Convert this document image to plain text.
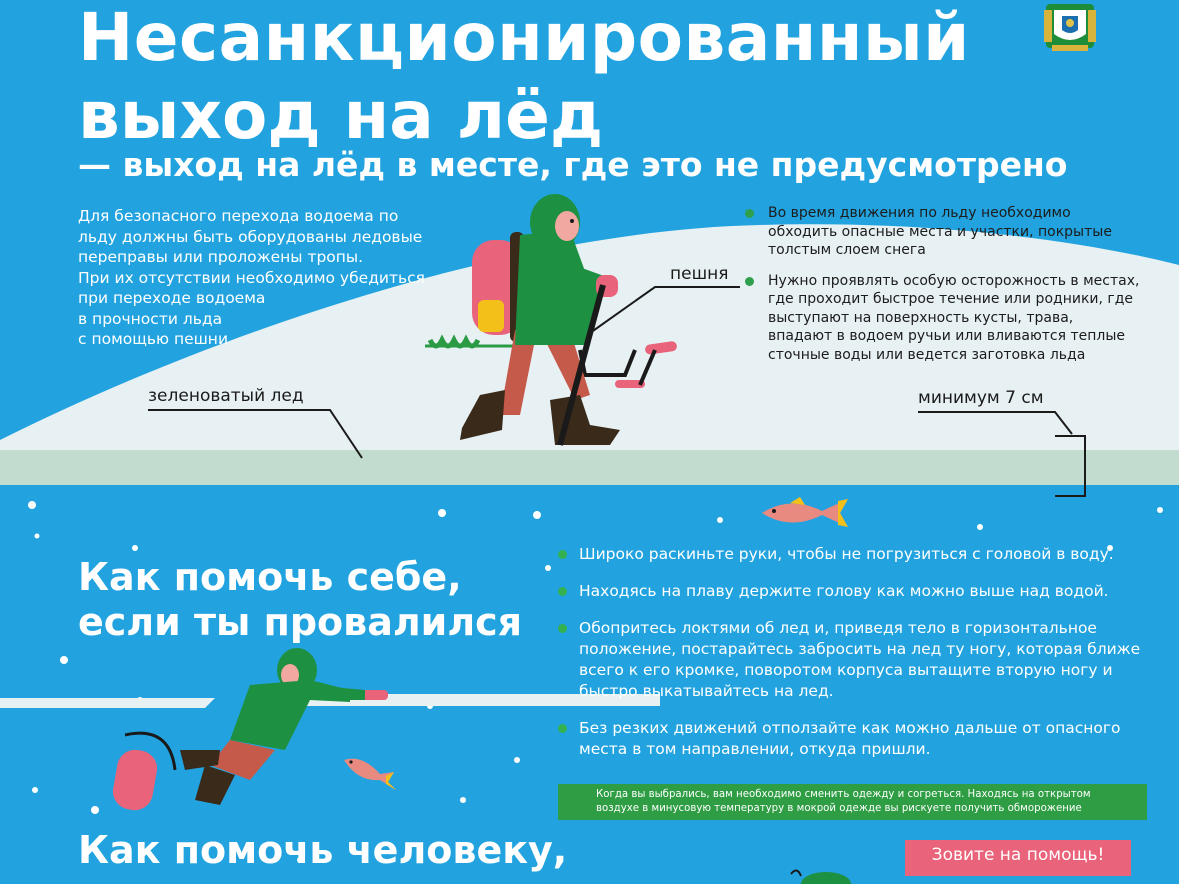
Несанкционированный
выход на лёд
— выход на лёд в месте, где это не предусмотрено
Для безопасного перехода водоема по
льду должны быть оборудованы ледовые
переправы или проложены тропы.
При их отсутствии необходимо убедиться
при переходе водоема
в прочности льда
с помощью пешни
Во время движения по льду необходимо обходить опасные места и участки, покрытые толстым слоем снега
Нужно проявлять особую осторожность в местах, где проходит быстрое течение или родники, где выступают на поверхность кусты, трава, впадают в водоем ручьи или вливаются теплые сточные воды или ведется заготовка льда
пешня
зеленоватый лед	минимум 7 см
Как помочь себе,
если ты провалился
Широко раскиньте руки, чтобы не погрузиться с головой в воду.
Находясь на плаву держите голову как можно выше над водой.
Обопритесь локтями об лед и, приведя тело в горизонтальное положение, постарайтесь забросить на лед ту ногу, которая ближе всего к его кромке, поворотом корпуса вытащите вторую ногу и быстро выкатывайтесь на лед.
Без резких движений отползайте как можно дальше от опасного места в том направлении, откуда пришли.
Когда вы выбрались, вам необходимо сменить одежду и согреться. Находясь на открытом
воздухе в минусовую температуру в мокрой одежде вы рискуете получить обморожение
Как помочь человеку,	Зовите на помощь!
